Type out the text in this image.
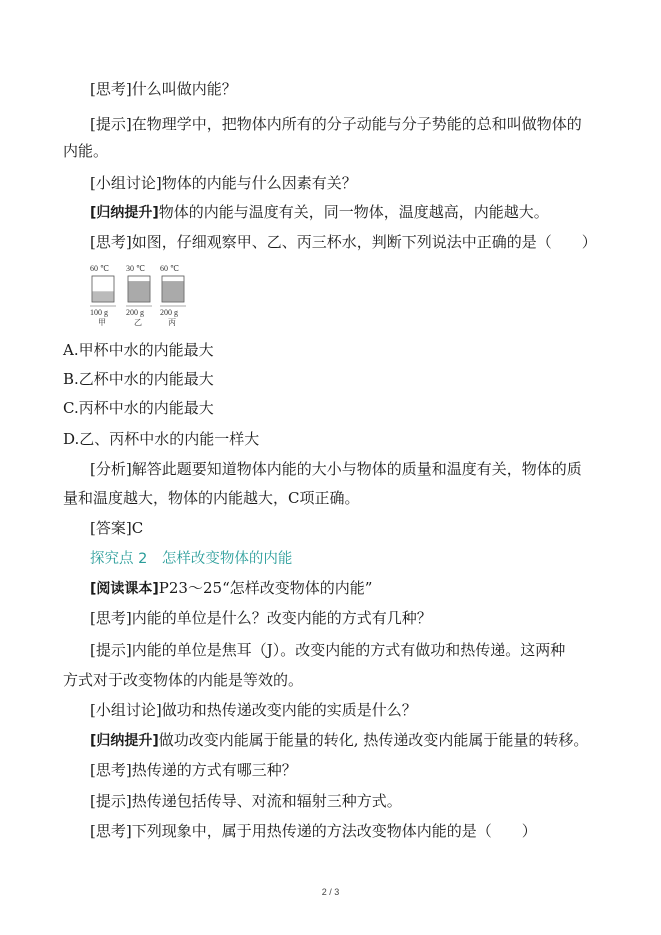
[思考]什么叫做内能？
[提示]在物理学中，把物体内所有的分子动能与分子势能的总和叫做物体的
内能。
[小组讨论]物体的内能与什么因素有关？
[归纳提升]物体的内能与温度有关，同一物体，温度越高，内能越大。
[思考]如图，仔细观察甲、乙、丙三杯水，判断下列说法中正确的是（　　）
60 ℃
100 g
甲
30 ℃
200 g
乙
60 ℃
200 g
丙
A.甲杯中水的内能最大
B.乙杯中水的内能最大
C.丙杯中水的内能最大
D.乙、丙杯中水的内能一样大
[分析]解答此题要知道物体内能的大小与物体的质量和温度有关，物体的质
量和温度越大，物体的内能越大，C项正确。
[答案]C
探究点 2　怎样改变物体的内能
[阅读课本]P23～25“怎样改变物体的内能”
[思考]内能的单位是什么？改变内能的方式有几种？
[提示]内能的单位是焦耳（J）。改变内能的方式有做功和热传递。这两种
方式对于改变物体的内能是等效的。
[小组讨论]做功和热传递改变内能的实质是什么？
[归纳提升]做功改变内能属于能量的转化, 热传递改变内能属于能量的转移。
[思考]热传递的方式有哪三种？
[提示]热传递包括传导、对流和辐射三种方式。
[思考]下列现象中，属于用热传递的方法改变物体内能的是（　　）
2 / 3
